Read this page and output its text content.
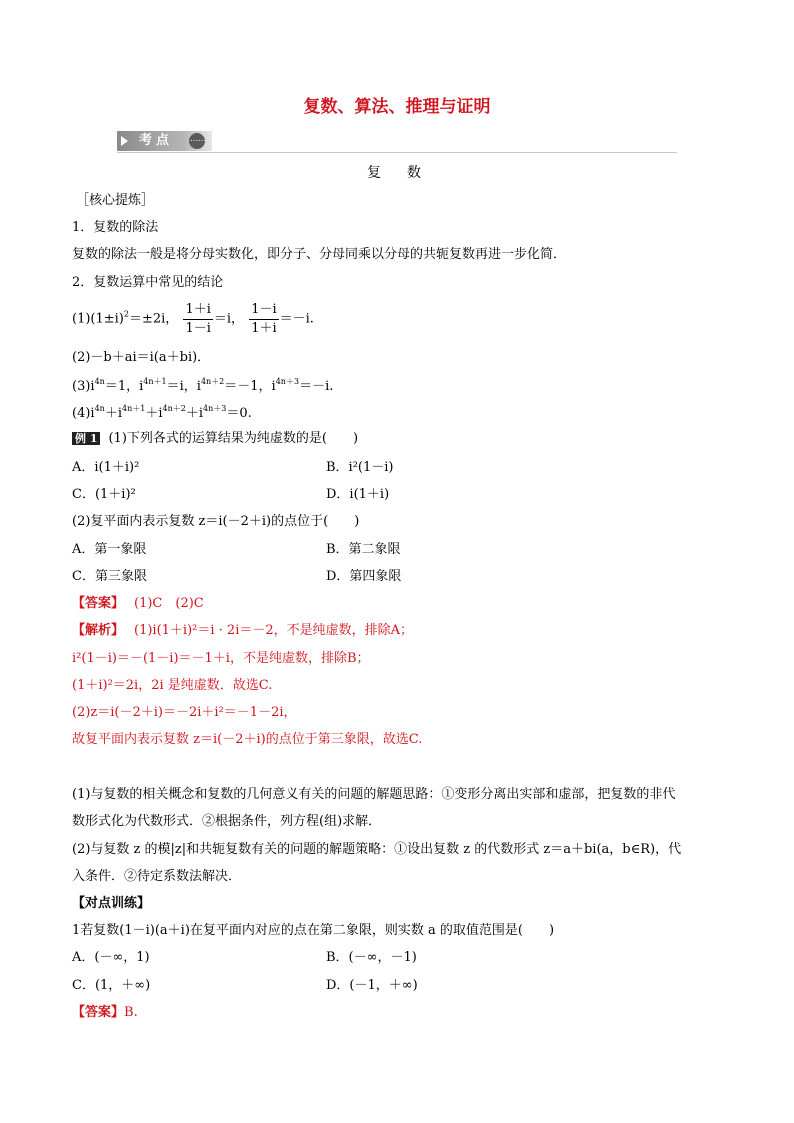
复数、算法、推理与证明
考点 ……
复　数
［核心提炼］
1．复数的除法
复数的除法一般是将分母实数化，即分子、分母同乘以分母的共轭复数再进一步化简．
2．复数运算中常见的结论
$(1)(1\pm i)^2=\pm 2i$， $\frac{1+i}{1-i} =i$， $\frac{1-i}{1+i} =-i$.
(2)－b＋ai＝i(a＋bi)．
$(3)i^{4n}=1$，$i^{4n+1}=i$，$i^{4n+2}=-1$，$i^{4n+3}=-i$.
$(4)i^{4n}+i^{4n+1}+i^{4n+2}+i^{4n+3}=0$.
例 1 (1)下列各式的运算结果为纯虚数的是(　　)
A．i(1＋i)²	B．i²(1－i)
C．(1＋i)²	D．i(1＋i)
(2)复平面内表示复数 z＝i(－2＋i)的点位于(　　)
A．第一象限	B．第二象限
C．第三象限	D．第四象限
【答案】 (1)C　(2)C
【解析】 (1)i(1＋i)²＝i · 2i＝－2，不是纯虚数，排除A；
i²(1－i)＝－(1－i)＝－1＋i，不是纯虚数，排除B；
(1＋i)²＝2i，2i 是纯虚数．故选C.
(2)z＝i(－2＋i)＝－2i＋i²＝－1－2i，
故复平面内表示复数 z＝i(－2＋i)的点位于第三象限，故选C.
(1)与复数的相关概念和复数的几何意义有关的问题的解题思路：①变形分离出实部和虚部，把复数的非代
数形式化为代数形式．②根据条件，列方程(组)求解．
(2)与复数 z 的模|z|和共轭复数有关的问题的解题策略：①设出复数 z 的代数形式 z＝a＋bi(a，b∈R)，代
入条件．②待定系数法解决．
【对点训练】
1若复数(1－i)(a＋i)在复平面内对应的点在第二象限，则实数 a 的取值范围是(　　)
A．(－∞，1)	B．(－∞，－1)
C．(1，＋∞)	D．(－1，＋∞)
【答案】B.
